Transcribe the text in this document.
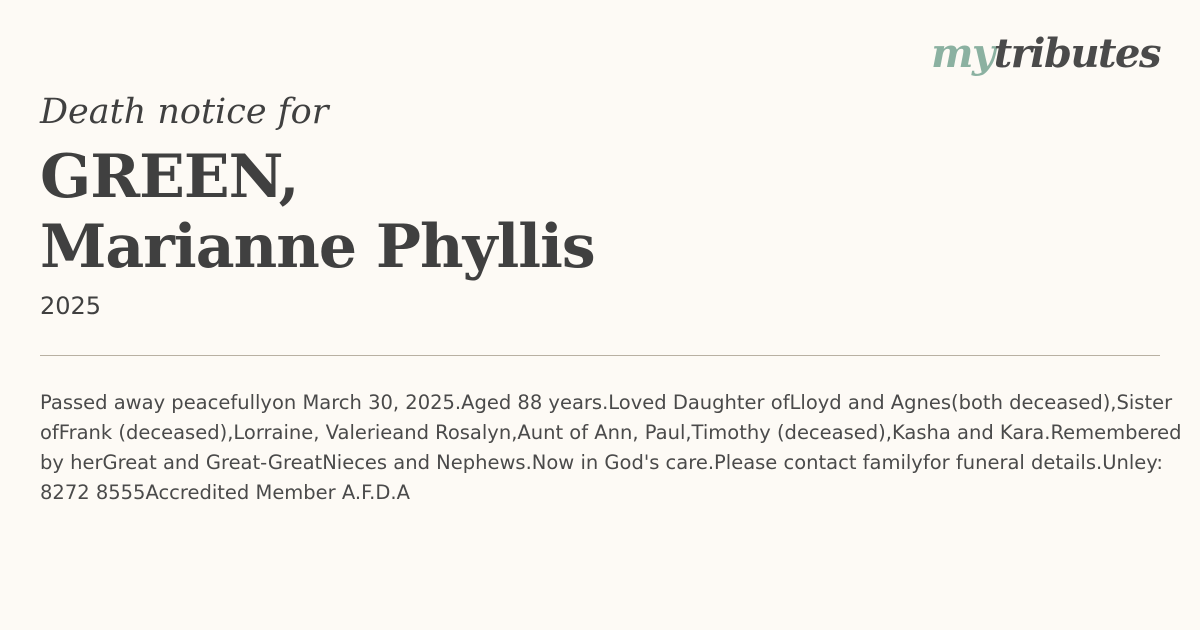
mytributes
Death notice for
GREEN,
Marianne Phyllis
2025
Passed away peacefullyon March 30, 2025.Aged 88 years.Loved Daughter ofLloyd and Agnes(both deceased),Sister ofFrank (deceased),Lorraine, Valerieand Rosalyn,Aunt of Ann, Paul,Timothy (deceased),Kasha and Kara.Remembered by herGreat and Great-GreatNieces and Nephews.Now in God's care.Please contact familyfor funeral details.Unley: 8272 8555Accredited Member A.F.D.A
